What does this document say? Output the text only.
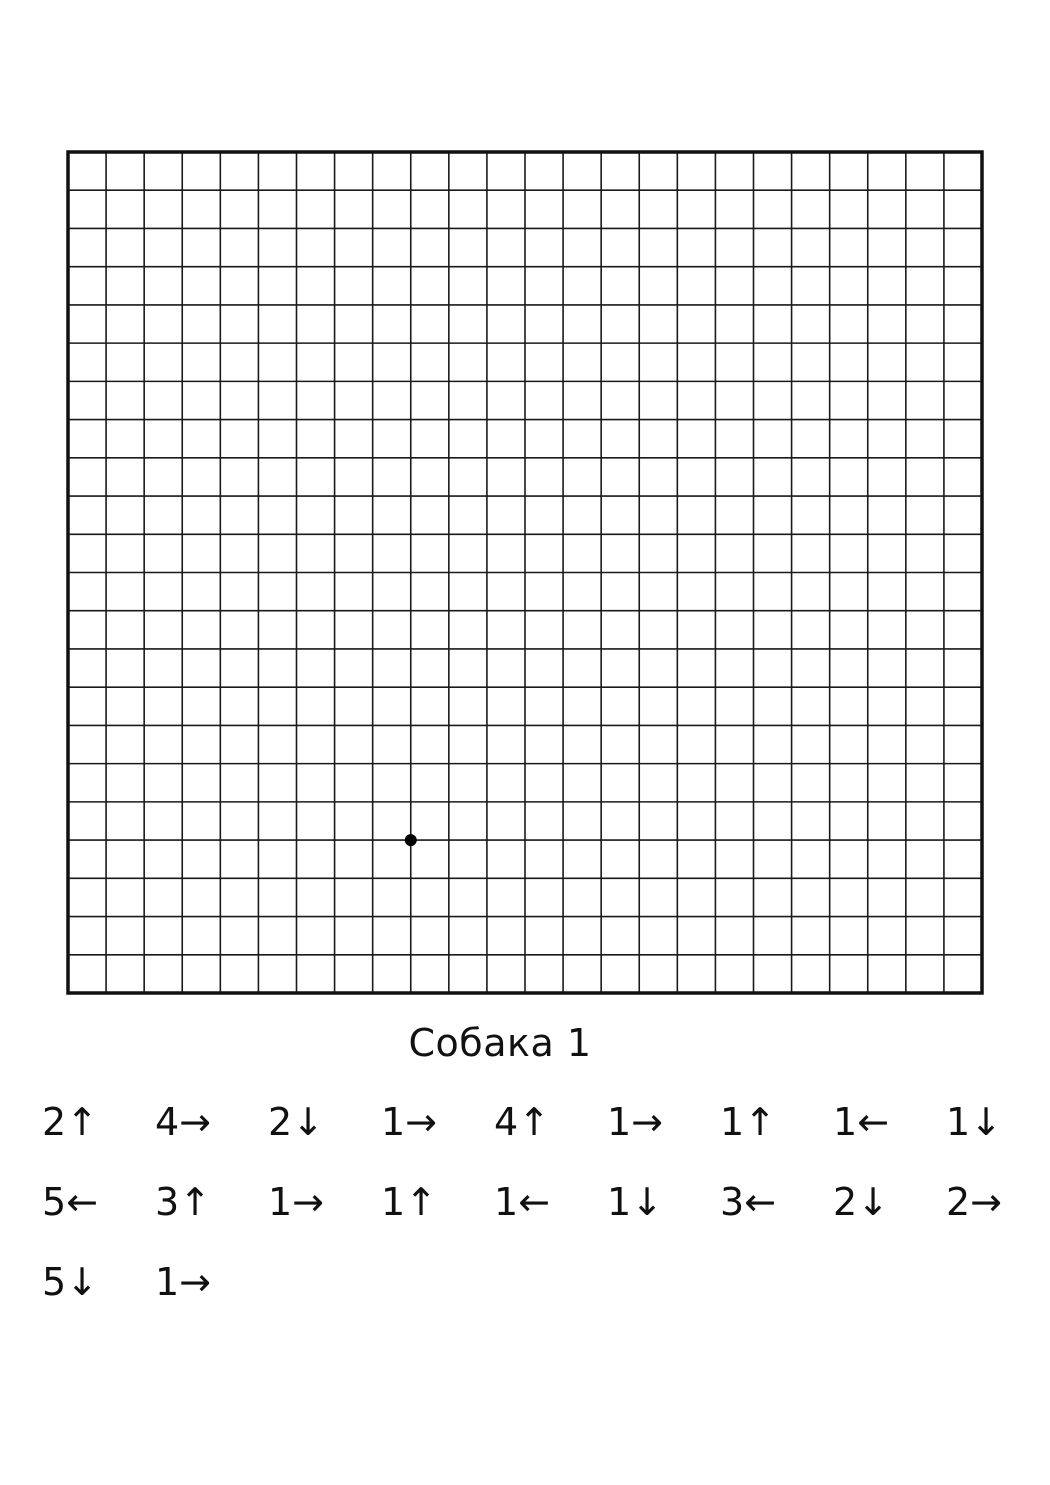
Собака 1
2↑ 4→ 2↓ 1→ 4↑ 1→ 1↑ 1← 1↓
5← 3↑ 1→ 1↑ 1← 1↓ 3← 2↓ 2→
5↓ 1→
